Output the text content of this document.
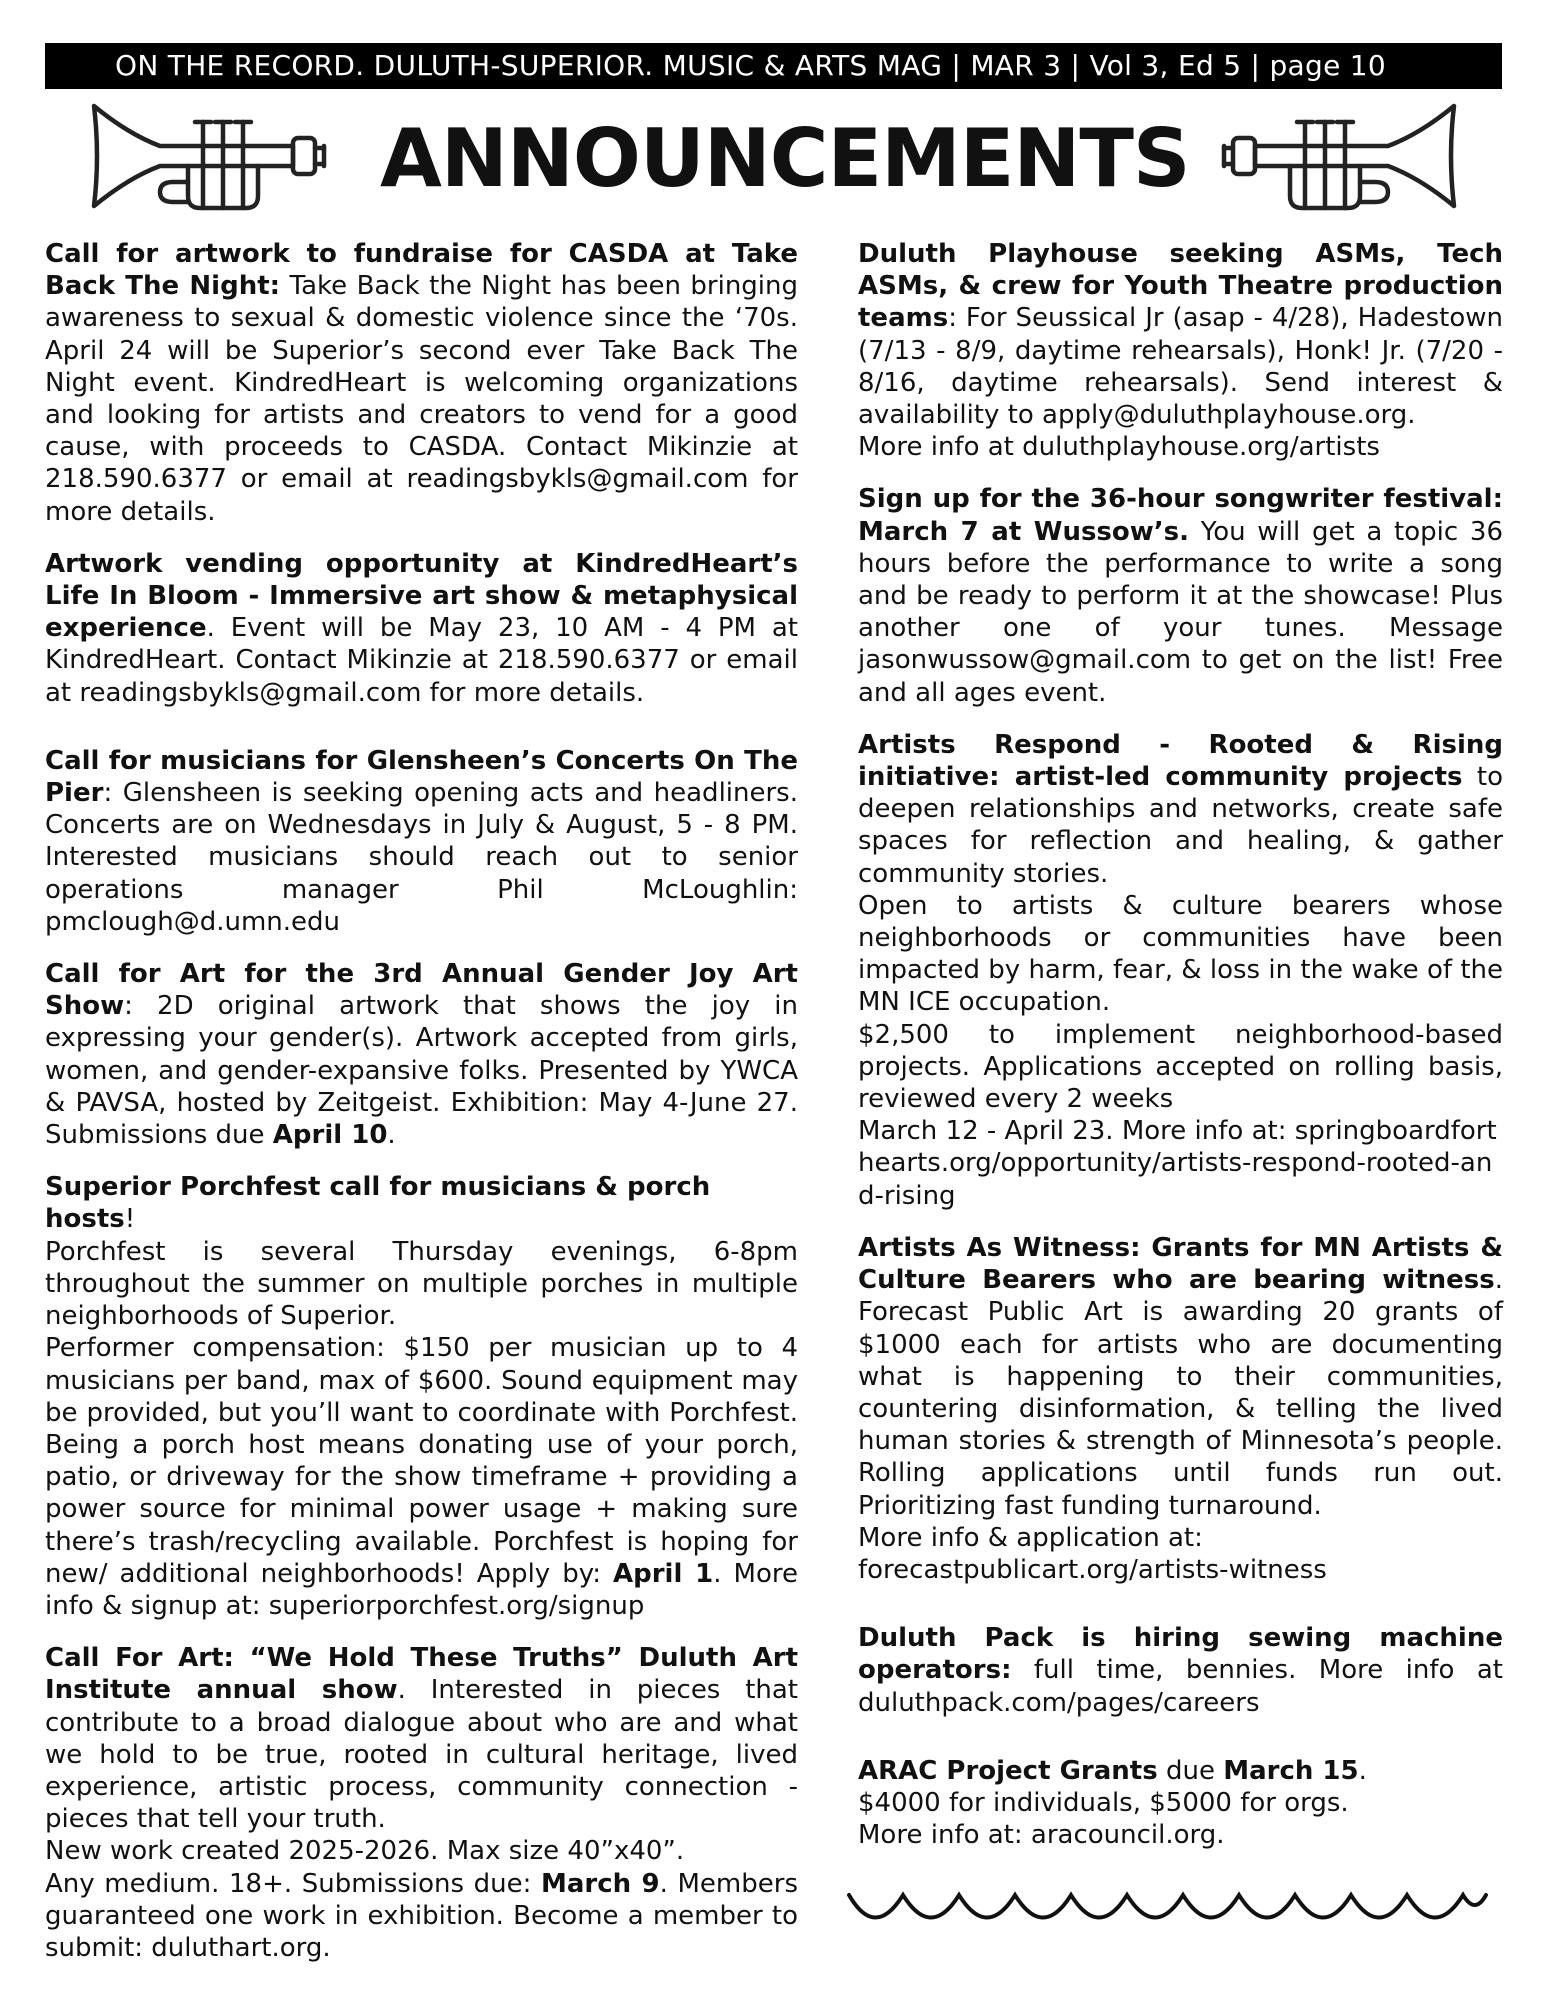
ON THE RECORD. DULUTH-SUPERIOR. MUSIC & ARTS MAG | MAR 3 | Vol 3, Ed 5 | page 10
ANNOUNCEMENTS

Call for artwork to fundraise for CASDA at Take Back The Night: Take Back the Night has been bringing awareness to sexual & domestic violence since the ‘70s. April 24 will be Superior’s second ever Take Back The Night event. KindredHeart is welcoming organizations and looking for artists and creators to vend for a good cause, with proceeds to CASDA. Contact Mikinzie at 218.590.6377 or email at readingsbykls@gmail.com for more details.

Artwork vending opportunity at KindredHeart’s Life In Bloom - Immersive art show & metaphysical experience. Event will be May 23, 10 AM - 4 PM at KindredHeart. Contact Mikinzie at 218.590.6377 or email at readingsbykls@gmail.com for more details.

Call for musicians for Glensheen’s Concerts On The Pier: Glensheen is seeking opening acts and headliners. Concerts are on Wednesdays in July & August, 5 - 8 PM. Interested musicians should reach out to senior operations manager Phil McLoughlin: pmclough@d.umn.edu

Call for Art for the 3rd Annual Gender Joy Art Show: 2D original artwork that shows the joy in expressing your gender(s). Artwork accepted from girls, women, and gender-expansive folks. Presented by YWCA & PAVSA, hosted by Zeitgeist. Exhibition: May 4-June 27. Submissions due April 10.

Superior Porchfest call for musicians & porch hosts!

Porchfest is several Thursday evenings, 6-8pm throughout the summer on multiple porches in multiple neighborhoods of Superior.

Performer compensation: $150 per musician up to 4 musicians per band, max of $600. Sound equipment may be provided, but you’ll want to coordinate with Porchfest. Being a porch host means donating use of your porch, patio, or driveway for the show timeframe + providing a power source for minimal power usage + making sure there’s trash/recycling available. Porchfest is hoping for new/ additional neighborhoods! Apply by: April 1. More info & signup at: superiorporchfest.org/signup

Call For Art: “We Hold These Truths” Duluth Art Institute annual show. Interested in pieces that contribute to a broad dialogue about who are and what we hold to be true, rooted in cultural heritage, lived experience, artistic process, community connection - pieces that tell your truth.

New work created 2025-2026. Max size 40”x40”.

Any medium. 18+. Submissions due: March 9. Members guaranteed one work in exhibition. Become a member to submit: duluthart.org.

Duluth Playhouse seeking ASMs, Tech ASMs, & crew for Youth Theatre production teams: For Seussical Jr (asap - 4/28), Hadestown (7/13 - 8/9, daytime rehearsals), Honk! Jr. (7/20 - 8/16, daytime rehearsals). Send interest & availability to apply@duluthplayhouse.org.

More info at duluthplayhouse.org/artists

Sign up for the 36-hour songwriter festival: March 7 at Wussow’s. You will get a topic 36 hours before the performance to write a song and be ready to perform it at the showcase! Plus another one of your tunes. Message jasonwussow@gmail.com to get on the list! Free and all ages event.

Artists Respond - Rooted & Rising initiative: artist-led community projects to deepen relationships and networks, create safe spaces for reflection and healing, & gather community stories.

Open to artists & culture bearers whose neighborhoods or communities have been impacted by harm, fear, & loss in the wake of the MN ICE occupation.

$2,500 to implement neighborhood-based projects. Applications accepted on rolling basis, reviewed every 2 weeks

March 12 - April 23. More info at: springboardforthearts.org/opportunity/artists-respond-rooted-and-rising

Artists As Witness: Grants for MN Artists & Culture Bearers who are bearing witness. Forecast Public Art is awarding 20 grants of $1000 each for artists who are documenting what is happening to their communities, countering disinformation, & telling the lived human stories & strength of Minnesota’s people. Rolling applications until funds run out. Prioritizing fast funding turnaround.

More info & application at: forecastpublicart.org/artists-witness

Duluth Pack is hiring sewing machine operators: full time, bennies. More info at duluthpack.com/pages/careers

ARAC Project Grants due March 15.

$4000 for individuals, $5000 for orgs.

More info at: aracouncil.org.
